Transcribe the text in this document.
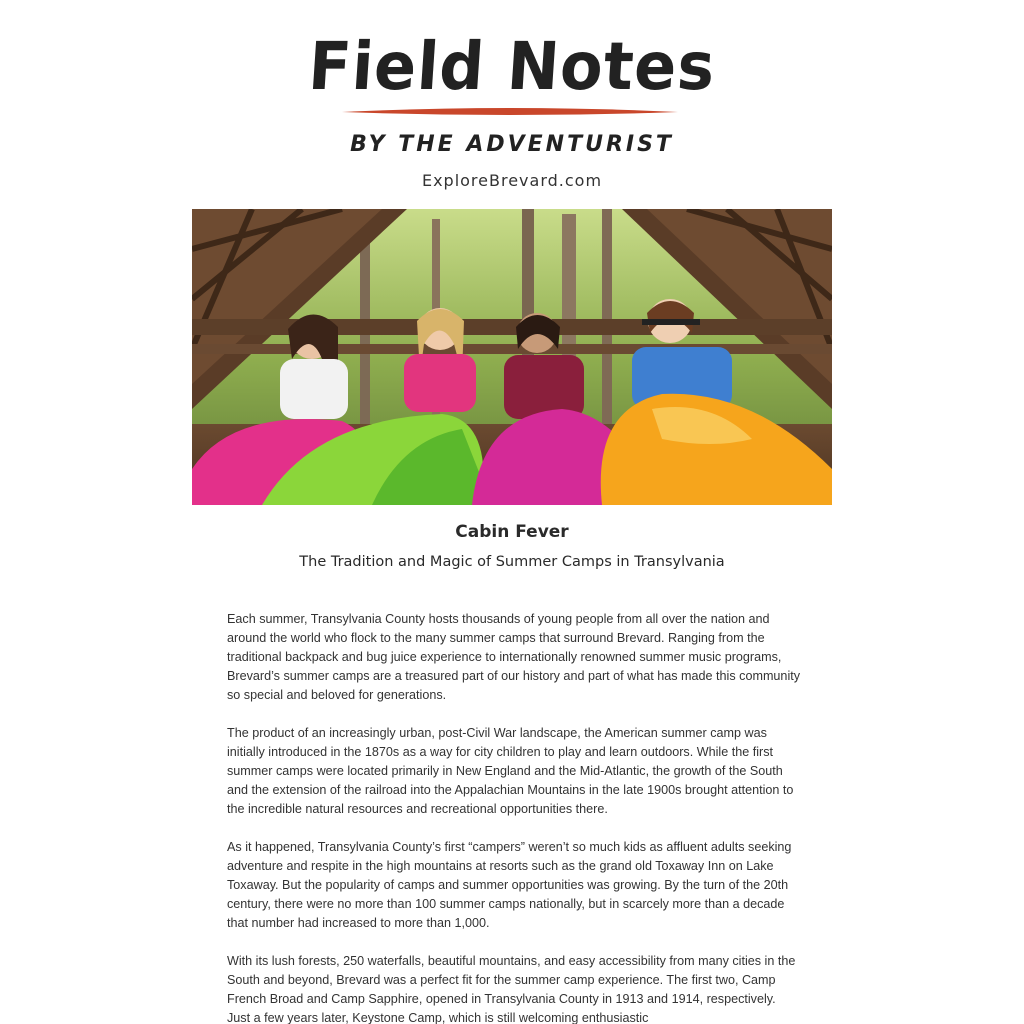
Field Notes
BY THE ADVENTURIST
ExploreBrevard.com
Cabin Fever
The Tradition and Magic of Summer Camps in Transylvania

Each summer, Transylvania County hosts thousands of young people from all over the nation and around the world who flock to the many summer camps that surround Brevard. Ranging from the traditional backpack and bug juice experience to internationally renowned summer music programs, Brevard’s summer camps are a treasured part of our history and part of what has made this community so special and beloved for generations.

The product of an increasingly urban, post-Civil War landscape, the American summer camp was initially introduced in the 1870s as a way for city children to play and learn outdoors. While the first summer camps were located primarily in New England and the Mid-Atlantic, the growth of the South and the extension of the railroad into the Appalachian Mountains in the late 1900s brought attention to the incredible natural resources and recreational opportunities there.

As it happened, Transylvania County’s first “campers” weren’t so much kids as affluent adults seeking adventure and respite in the high mountains at resorts such as the grand old Toxaway Inn on Lake Toxaway. But the popularity of camps and summer opportunities was growing. By the turn of the 20th century, there were no more than 100 summer camps nationally, but in scarcely more than a decade that number had increased to more than 1,000.

With its lush forests, 250 waterfalls, beautiful mountains, and easy accessibility from many cities in the South and beyond, Brevard was a perfect fit for the summer camp experience. The first two, Camp French Broad and Camp Sapphire, opened in Transylvania County in 1913 and 1914, respectively. Just a few years later, Keystone Camp, which is still welcoming enthusiastic
